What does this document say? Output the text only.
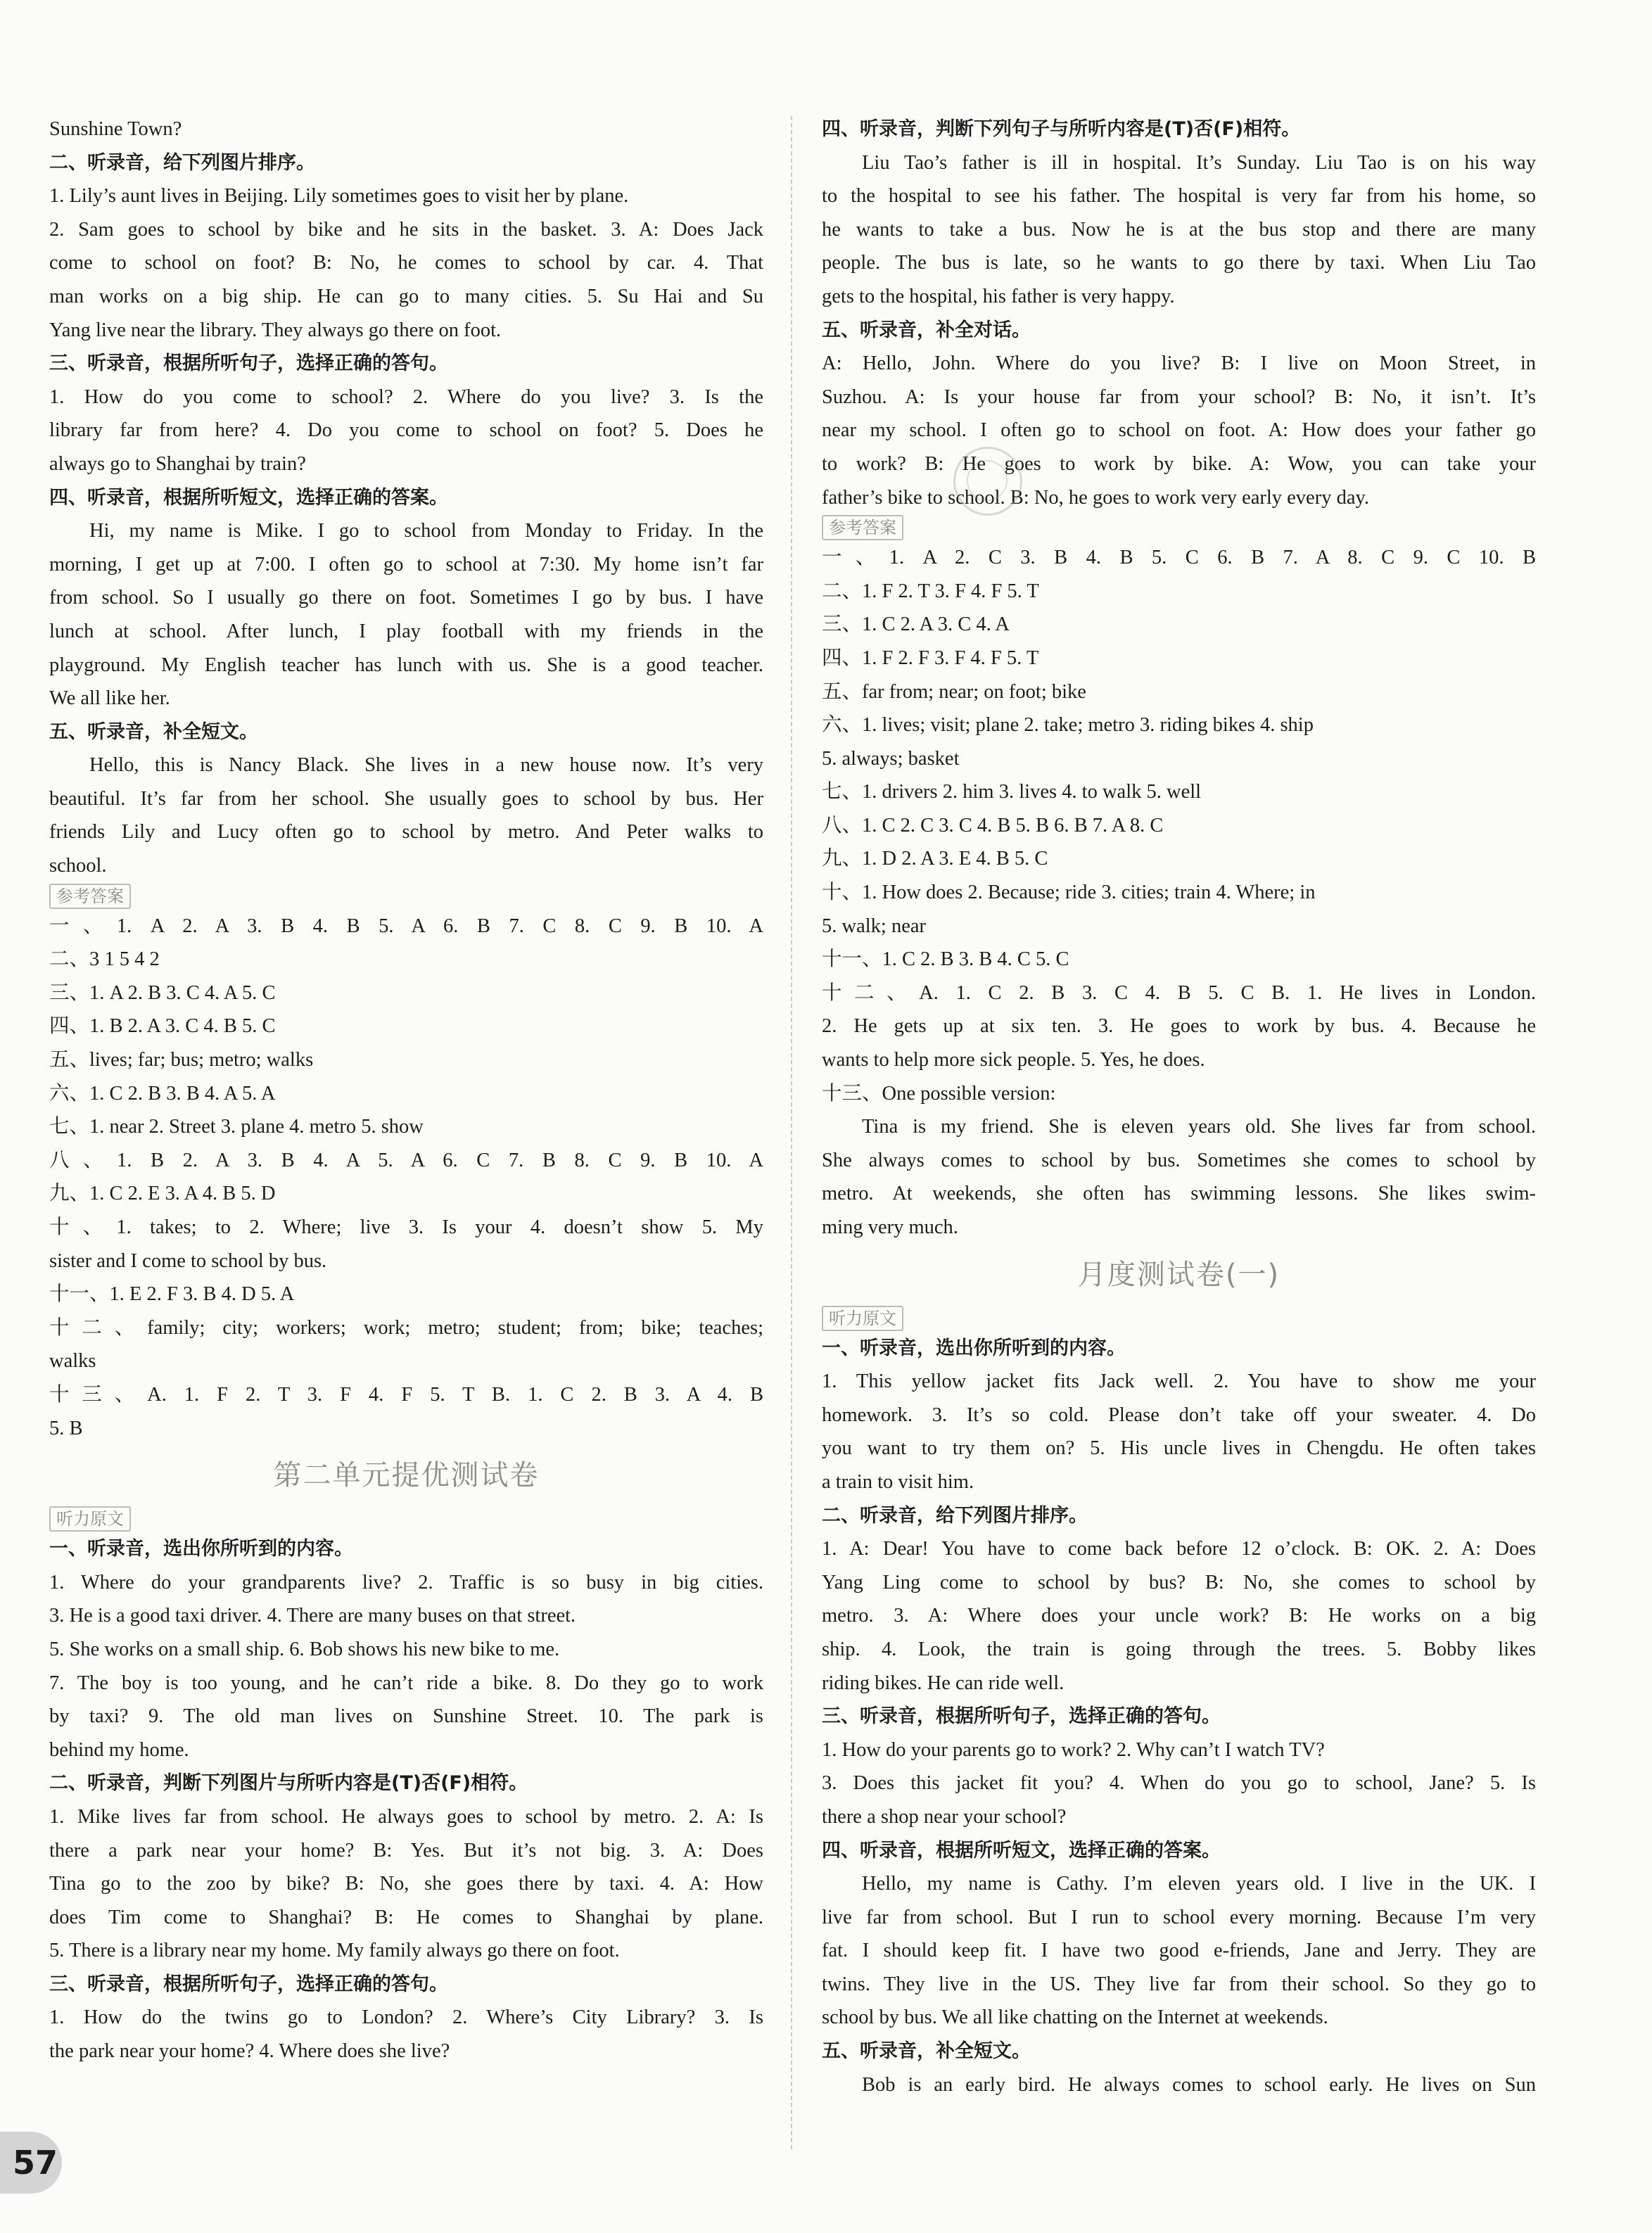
Sunshine Town?
二、听录音，给下列图片排序。
1. Lily’s aunt lives in Beijing. Lily sometimes goes to visit her by plane.
2. Sam goes to school by bike and he sits in the basket. 3. A: Does Jack
come to school on foot? B: No, he comes to school by car. 4. That
man works on a big ship. He can go to many cities. 5. Su Hai and Su
Yang live near the library. They always go there on foot.
三、听录音，根据所听句子，选择正确的答句。
1. How do you come to school? 2. Where do you live? 3. Is the
library far from here? 4. Do you come to school on foot? 5. Does he
always go to Shanghai by train?
四、听录音，根据所听短文，选择正确的答案。
Hi, my name is Mike. I go to school from Monday to Friday. In the
morning, I get up at 7:00. I often go to school at 7:30. My home isn’t far
from school. So I usually go there on foot. Sometimes I go by bus. I have
lunch at school. After lunch, I play football with my friends in the
playground. My English teacher has lunch with us. She is a good teacher.
We all like her.
五、听录音，补全短文。
Hello, this is Nancy Black. She lives in a new house now. It’s very
beautiful. It’s far from her school. She usually goes to school by bus. Her
friends Lily and Lucy often go to school by metro. And Peter walks to
school.
参考答案
一、1. A 2. A 3. B 4. B 5. A 6. B 7. C 8. C 9. B 10. A
二、3 1 5 4 2
三、1. A 2. B 3. C 4. A 5. C
四、1. B 2. A 3. C 4. B 5. C
五、lives; far; bus; metro; walks
六、1. C 2. B 3. B 4. A 5. A
七、1. near 2. Street 3. plane 4. metro 5. show
八、1. B 2. A 3. B 4. A 5. A 6. C 7. B 8. C 9. B 10. A
九、1. C 2. E 3. A 4. B 5. D
十、1. takes; to 2. Where; live 3. Is your 4. doesn’t show 5. My
sister and I come to school by bus.
十一、1. E 2. F 3. B 4. D 5. A
十二、family; city; workers; work; metro; student; from; bike; teaches;
walks
十三、A. 1. F 2. T 3. F 4. F 5. T B. 1. C 2. B 3. A 4. B
5. B
第二单元提优测试卷
听力原文
一、听录音，选出你所听到的内容。
1. Where do your grandparents live? 2. Traffic is so busy in big cities.
3. He is a good taxi driver. 4. There are many buses on that street.
5. She works on a small ship. 6. Bob shows his new bike to me.
7. The boy is too young, and he can’t ride a bike. 8. Do they go to work
by taxi? 9. The old man lives on Sunshine Street. 10. The park is
behind my home.
二、听录音，判断下列图片与所听内容是(T)否(F)相符。
1. Mike lives far from school. He always goes to school by metro. 2. A: Is
there a park near your home? B: Yes. But it’s not big. 3. A: Does
Tina go to the zoo by bike? B: No, she goes there by taxi. 4. A: How
does Tim come to Shanghai? B: He comes to Shanghai by plane.
5. There is a library near my home. My family always go there on foot.
三、听录音，根据所听句子，选择正确的答句。
1. How do the twins go to London? 2. Where’s City Library? 3. Is
the park near your home? 4. Where does she live?
四、听录音，判断下列句子与所听内容是(T)否(F)相符。
Liu Tao’s father is ill in hospital. It’s Sunday. Liu Tao is on his way
to the hospital to see his father. The hospital is very far from his home, so
he wants to take a bus. Now he is at the bus stop and there are many
people. The bus is late, so he wants to go there by taxi. When Liu Tao
gets to the hospital, his father is very happy.
五、听录音，补全对话。
A: Hello, John. Where do you live? B: I live on Moon Street, in
Suzhou. A: Is your house far from your school? B: No, it isn’t. It’s
near my school. I often go to school on foot. A: How does your father go
to work? B: He goes to work by bike. A: Wow, you can take your
father’s bike to school. B: No, he goes to work very early every day.
参考答案
一、1. A 2. C 3. B 4. B 5. C 6. B 7. A 8. C 9. C 10. B
二、1. F 2. T 3. F 4. F 5. T
三、1. C 2. A 3. C 4. A
四、1. F 2. F 3. F 4. F 5. T
五、far from; near; on foot; bike
六、1. lives; visit; plane 2. take; metro 3. riding bikes 4. ship
5. always; basket
七、1. drivers 2. him 3. lives 4. to walk 5. well
八、1. C 2. C 3. C 4. B 5. B 6. B 7. A 8. C
九、1. D 2. A 3. E 4. B 5. C
十、1. How does 2. Because; ride 3. cities; train 4. Where; in
5. walk; near
十一、1. C 2. B 3. B 4. C 5. C
十二、A. 1. C 2. B 3. C 4. B 5. C B. 1. He lives in London.
2. He gets up at six ten. 3. He goes to work by bus. 4. Because he
wants to help more sick people. 5. Yes, he does.
十三、One possible version:
Tina is my friend. She is eleven years old. She lives far from school.
She always comes to school by bus. Sometimes she comes to school by
metro. At weekends, she often has swimming lessons. She likes swim-
ming very much.
月度测试卷(一)
听力原文
一、听录音，选出你所听到的内容。
1. This yellow jacket fits Jack well. 2. You have to show me your
homework. 3. It’s so cold. Please don’t take off your sweater. 4. Do
you want to try them on? 5. His uncle lives in Chengdu. He often takes
a train to visit him.
二、听录音，给下列图片排序。
1. A: Dear! You have to come back before 12 o’clock. B: OK. 2. A: Does
Yang Ling come to school by bus? B: No, she comes to school by
metro. 3. A: Where does your uncle work? B: He works on a big
ship. 4. Look, the train is going through the trees. 5. Bobby likes
riding bikes. He can ride well.
三、听录音，根据所听句子，选择正确的答句。
1. How do your parents go to work? 2. Why can’t I watch TV?
3. Does this jacket fit you? 4. When do you go to school, Jane? 5. Is
there a shop near your school?
四、听录音，根据所听短文，选择正确的答案。
Hello, my name is Cathy. I’m eleven years old. I live in the UK. I
live far from school. But I run to school every morning. Because I’m very
fat. I should keep fit. I have two good e-friends, Jane and Jerry. They are
twins. They live in the US. They live far from their school. So they go to
school by bus. We all like chatting on the Internet at weekends.
五、听录音，补全短文。
Bob is an early bird. He always comes to school early. He lives on Sun
57
